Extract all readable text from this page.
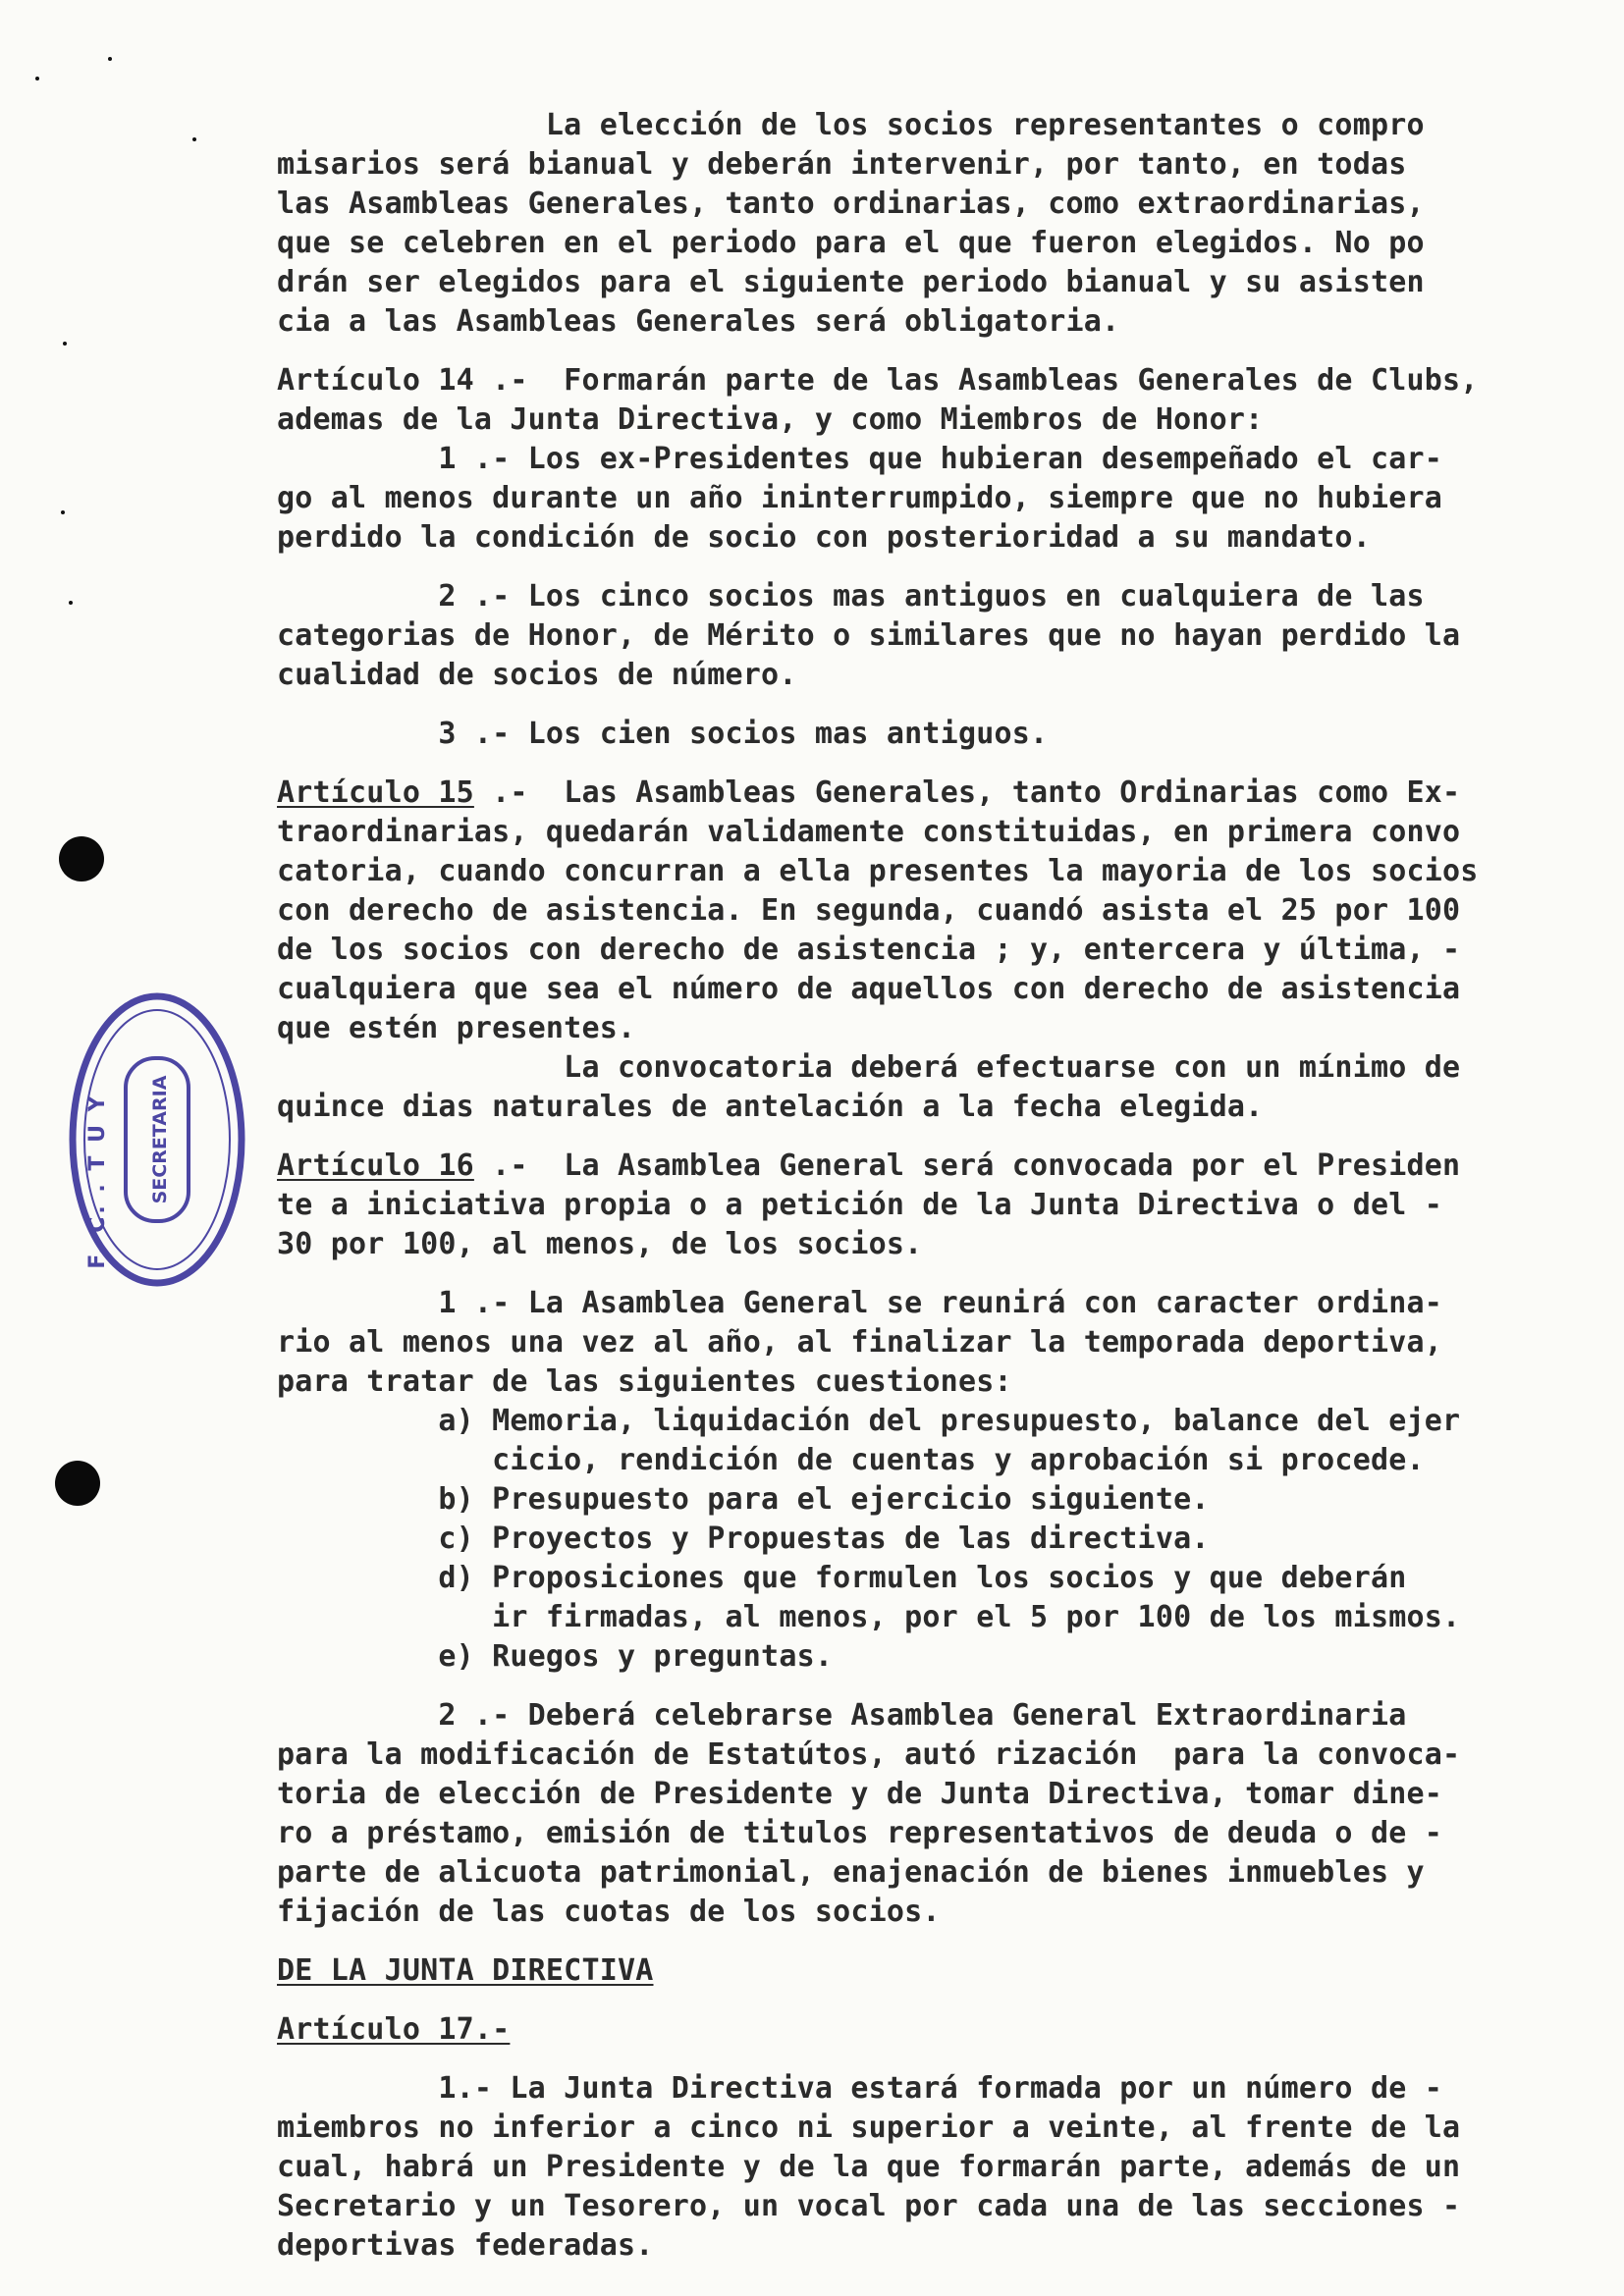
SECRETARIA
F. C. . T U Y
La elección de los socios representantes o compro
misarios será bianual y deberán intervenir, por tanto, en todas
las Asambleas Generales, tanto ordinarias, como extraordinarias,
que se celebren en el periodo para el que fueron elegidos. No po
drán ser elegidos para el siguiente periodo bianual y su asisten
cia a las Asambleas Generales será obligatoria.
Artículo 14 .-  Formarán parte de las Asambleas Generales de Clubs,
ademas de la Junta Directiva, y como Miembros de Honor:
1 .- Los ex-Presidentes que hubieran desempeñado el car-
go al menos durante un año ininterrumpido, siempre que no hubiera
perdido la condición de socio con posterioridad a su mandato.
2 .- Los cinco socios mas antiguos en cualquiera de las
categorias de Honor, de Mérito o similares que no hayan perdido la
cualidad de socios de número.
3 .- Los cien socios mas antiguos.
Artículo 15 .-  Las Asambleas Generales, tanto Ordinarias como Ex-
traordinarias, quedarán validamente constituidas, en primera convo
catoria, cuando concurran a ella presentes la mayoria de los socios
con derecho de asistencia. En segunda, cuandó asista el 25 por 100
de los socios con derecho de asistencia ; y, entercera y última, -
cualquiera que sea el número de aquellos con derecho de asistencia
que estén presentes.
La convocatoria deberá efectuarse con un mínimo de
quince dias naturales de antelación a la fecha elegida.
Artículo 16 .-  La Asamblea General será convocada por el Presiden
te a iniciativa propia o a petición de la Junta Directiva o del -
30 por 100, al menos, de los socios.
1 .- La Asamblea General se reunirá con caracter ordina-
rio al menos una vez al año, al finalizar la temporada deportiva,
para tratar de las siguientes cuestiones:
a) Memoria, liquidación del presupuesto, balance del ejer
cicio, rendición de cuentas y aprobación si procede.
b) Presupuesto para el ejercicio siguiente.
c) Proyectos y Propuestas de las directiva.
d) Proposiciones que formulen los socios y que deberán
ir firmadas, al menos, por el 5 por 100 de los mismos.
e) Ruegos y preguntas.
2 .- Deberá celebrarse Asamblea General Extraordinaria
para la modificación de Estatútos, autó rización  para la convoca-
toria de elección de Presidente y de Junta Directiva, tomar dine-
ro a préstamo, emisión de titulos representativos de deuda o de -
parte de alicuota patrimonial, enajenación de bienes inmuebles y
fijación de las cuotas de los socios.
DE LA JUNTA DIRECTIVA
Artículo 17.-
1.- La Junta Directiva estará formada por un número de -
miembros no inferior a cinco ni superior a veinte, al frente de la
cual, habrá un Presidente y de la que formarán parte, además de un
Secretario y un Tesorero, un vocal por cada una de las secciones -
deportivas federadas.
